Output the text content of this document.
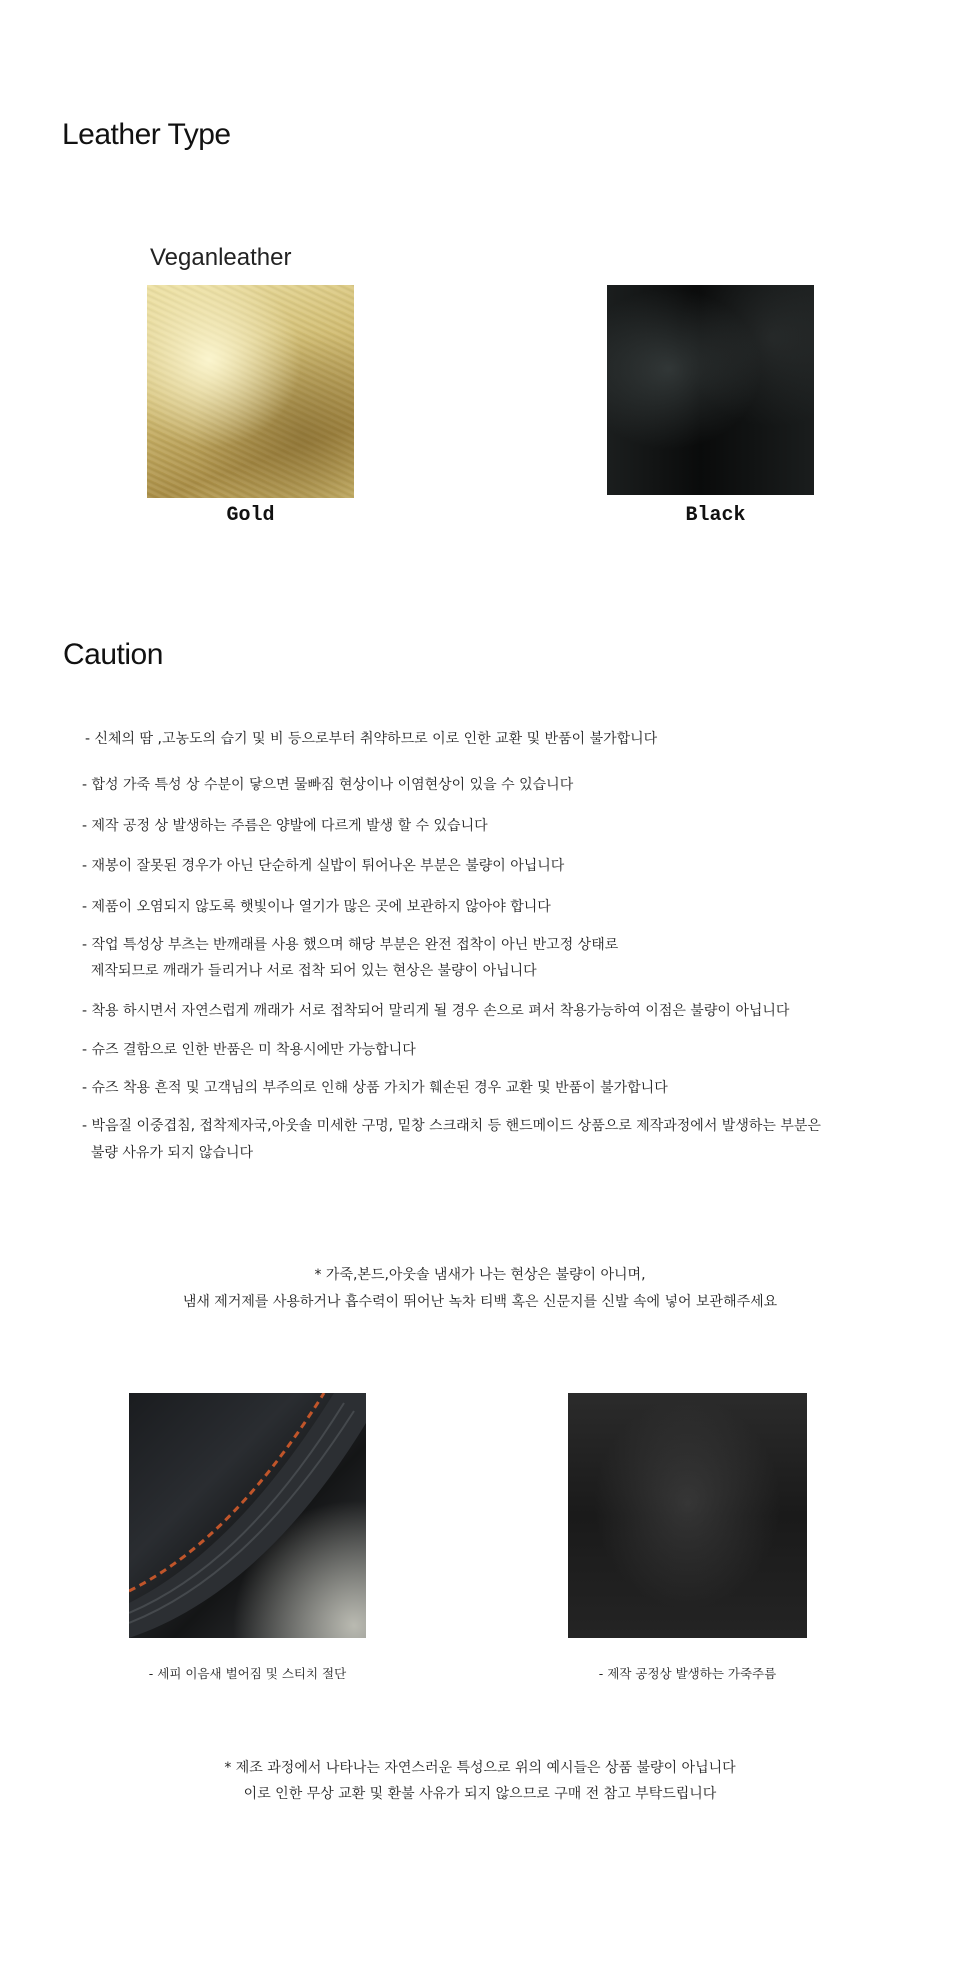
Leather Type
Veganleather
Gold	Black
Caution
- 신체의 땀 ,고농도의 습기 및 비 등으로부터 취약하므로 이로 인한 교환 및 반품이 불가합니다
- 합성 가죽 특성 상 수분이 닿으면 물빠짐 현상이나 이염현상이 있을 수 있습니다
- 제작 공정 상 발생하는 주름은 양발에 다르게 발생 할 수 있습니다
- 재봉이 잘못된 경우가 아닌 단순하게 실밥이 튀어나온 부분은 불량이 아닙니다
- 제품이 오염되지 않도록 햇빛이나 열기가 많은 곳에 보관하지 않아야 합니다
- 작업 특성상 부츠는 반깨래를 사용 했으며 해당 부분은 완전 접착이 아닌 반고정 상태로
제작되므로 깨래가 들리거나 서로 접착 되어 있는 현상은 불량이 아닙니다
- 착용 하시면서 자연스럽게 깨래가 서로 접착되어 말리게 될 경우 손으로 펴서 착용가능하여 이점은 불량이 아닙니다
- 슈즈 결함으로 인한 반품은 미 착용시에만 가능합니다
- 슈즈 착용 흔적 및 고객님의 부주의로 인해 상품 가치가 훼손된 경우 교환 및 반품이 불가합니다
- 박음질 이중겹침, 접착제자국,아웃솔 미세한 구멍, 밑창 스크래치 등 핸드메이드 상품으로 제작과정에서 발생하는 부분은
불량 사유가 되지 않습니다
* 가죽,본드,아웃솔 냄새가 나는 현상은 불량이 아니며,
냄새 제거제를 사용하거나 흡수력이 뛰어난 녹차 티백 혹은 신문지를 신발 속에 넣어 보관해주세요
- 세피 이음새 벌어짐 및 스티치 절단	- 제작 공정상 발생하는 가죽주름
* 제조 과정에서 나타나는 자연스러운 특성으로 위의 예시들은 상품 불량이 아닙니다
이로 인한 무상 교환 및 환불 사유가 되지 않으므로 구매 전 참고 부탁드립니다
